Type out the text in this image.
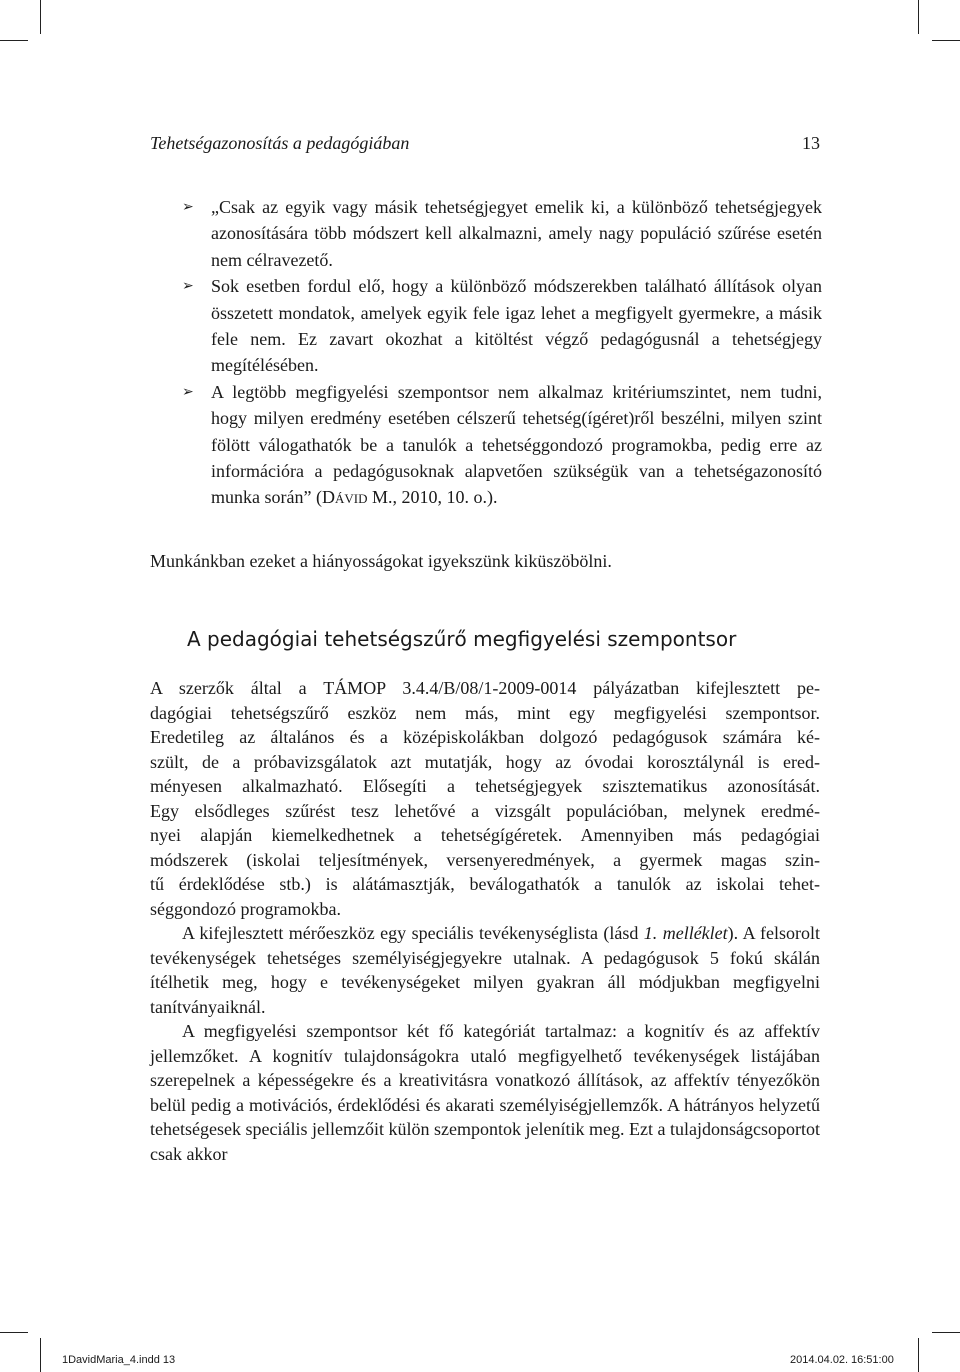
Tehetségazonosítás a pedagógiában	13
➢ „Csak az egyik vagy másik tehetségjegyet emelik ki, a különböző tehetségjegyek azonosítására több módszert kell alkalmazni, amely nagy populáció szűrése esetén nem célravezető.
➢ Sok esetben fordul elő, hogy a különböző módszerekben található állítások olyan összetett mondatok, amelyek egyik fele igaz lehet a megfigyelt gyermekre, a másik fele nem. Ez zavart okozhat a kitöltést végző pedagógusnál a tehetségjegy megítélésében.
➢ A legtöbb megfigyelési szempontsor nem alkalmaz kritériumszintet, nem tudni, hogy milyen eredmény esetében célszerű tehetség(ígéret)ről beszélni, milyen szint fölött válogathatók be a tanulók a tehetséggondozó programokba, pedig erre az információra a pedagógusoknak alapvetően szükségük van a tehetségazonosító munka során” (Dávid M., 2010, 10. o.).

Munkánkban ezeket a hiányosságokat igyekszünk kiküszöbölni.

A pedagógiai tehetségszűrő megfigyelési szempontsor

A szerzők által a TÁMOP 3.4.4/B/08/1-2009-0014 pályázatban kifejlesztett pe-
dagógiai tehetségszűrő eszköz nem más, mint egy megfigyelési szempontsor.
Eredetileg az általános és a középiskolákban dolgozó pedagógusok számára ké-
szült, de a próbavizsgálatok azt mutatják, hogy az óvodai korosztálynál is ered-
ményesen alkalmazható. Elősegíti a tehetségjegyek szisztematikus azonosítását.
Egy elsődleges szűrést tesz lehetővé a vizsgált populációban, melynek eredmé-
nyei alapján kiemelkedhetnek a tehetségígéretek. Amennyiben más pedagógiai
módszerek (iskolai teljesítmények, versenyeredmények, a gyermek magas szin-
tű érdeklődése stb.) is alátámasztják, beválogathatók a tanulók az iskolai tehet-
séggondozó programokba.

A kifejlesztett mérőeszköz egy speciális tevékenységlista (lásd 1. melléklet). A felsorolt tevékenységek tehetséges személyiségjegyekre utalnak. A pedagógusok 5 fokú skálán ítélhetik meg, hogy e tevékenységeket milyen gyakran áll módjukban megfigyelni tanítványaiknál.

A megfigyelési szempontsor két fő kategóriát tartalmaz: a kognitív és az affektív jellemzőket. A kognitív tulajdonságokra utaló megfigyelhető tevékenységek listájában szerepelnek a képességekre és a kreativitásra vonatkozó állítások, az affektív tényezőkön belül pedig a motivációs, érdeklődési és akarati személyiségjellemzők. A hátrányos helyzetű tehetségesek speciális jellemzőit külön szempontok jelenítik meg. Ezt a tulajdonságcsoportot csak akkor

1DavidMaria_4.indd 13	2014.04.02. 16:51:00
